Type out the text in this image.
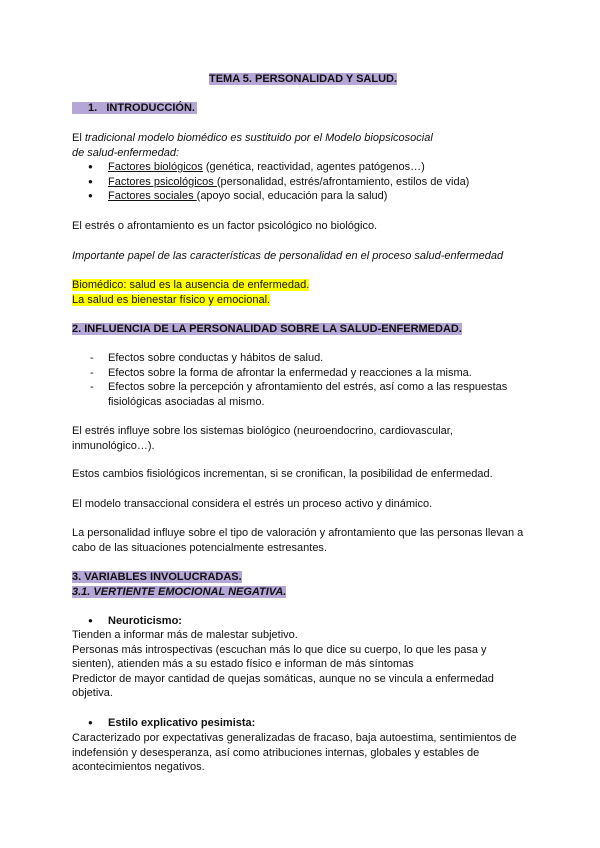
TEMA 5. PERSONALIDAD Y SALUD.
1. INTRODUCCIÓN.
El tradicional modelo biomédico es sustituido por el Modelo biopsicosocial de salud-enfermedad:
● Factores biológicos (genética, reactividad, agentes patógenos…)
● Factores psicológicos (personalidad, estrés/afrontamiento, estilos de vida)
● Factores sociales (apoyo social, educación para la salud)

El estrés o afrontamiento es un factor psicológico no biológico.

Importante papel de las características de personalidad en el proceso salud-enfermedad

Biomédico: salud es la ausencia de enfermedad.
La salud es bienestar físico y emocional.
2. INFLUENCIA DE LA PERSONALIDAD SOBRE LA SALUD-ENFERMEDAD.
- Efectos sobre conductas y hábitos de salud.
- Efectos sobre la forma de afrontar la enfermedad y reacciones a la misma.
- Efectos sobre la percepción y afrontamiento del estrés, así como a las respuestas fisiológicas asociadas al mismo.

El estrés influye sobre los sistemas biológico (neuroendocrino, cardiovascular, inmunológico…).

Estos cambios fisiológicos incrementan, si se cronifican, la posibilidad de enfermedad.

El modelo transaccional considera el estrés un proceso activo y dinámico.

La personalidad influye sobre el tipo de valoración y afrontamiento que las personas llevan a cabo de las situaciones potencialmente estresantes.

3. VARIABLES INVOLUCRADAS.
3.1. VERTIENTE EMOCIONAL NEGATIVA.
● Neuroticismo:
Tienden a informar más de malestar subjetivo.
Personas más introspectivas (escuchan más lo que dice su cuerpo, lo que les pasa y sienten), atienden más a su estado físico e informan de más síntomas
Predictor de mayor cantidad de quejas somáticas, aunque no se vincula a enfermedad objetiva.
● Estilo explicativo pesimista:

Caracterizado por expectativas generalizadas de fracaso, baja autoestima, sentimientos de indefensión y desesperanza, así como atribuciones internas, globales y estables de acontecimientos negativos.
